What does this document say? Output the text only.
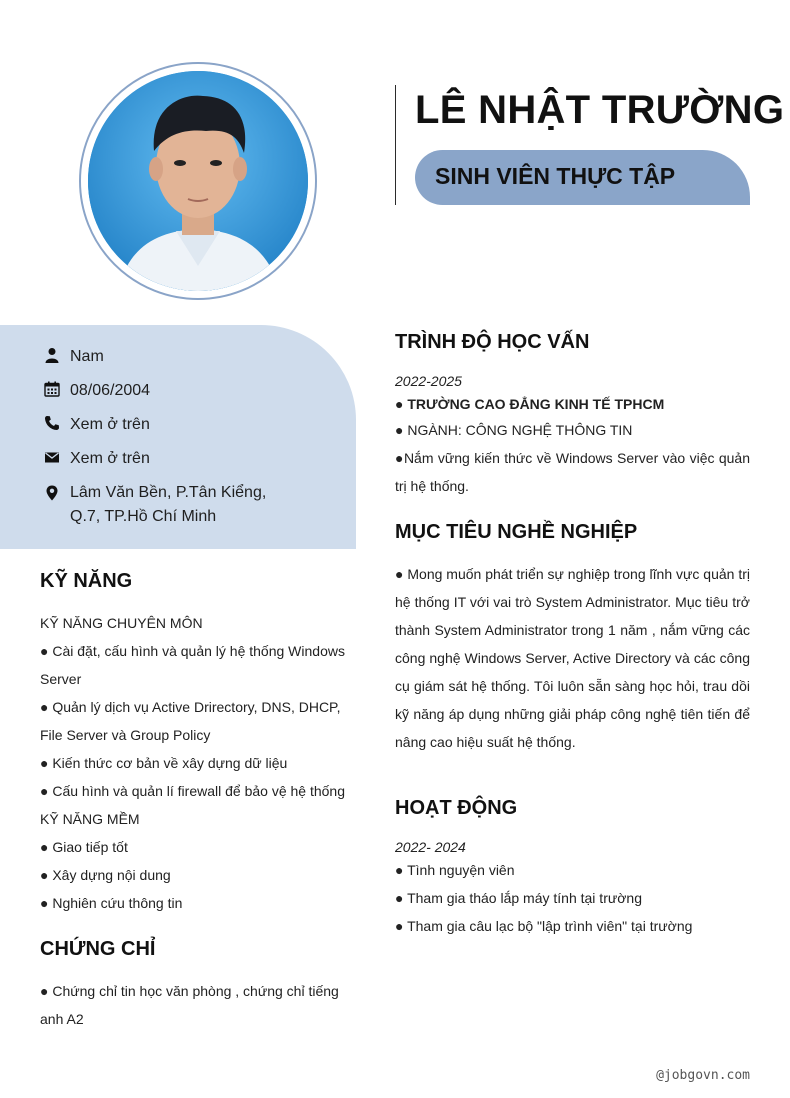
LÊ NHẬT TRƯỜNG
SINH VIÊN THỰC TẬP
Nam
08/06/2004
Xem ở trên
Xem ở trên
Lâm Văn Bền, P.Tân Kiểng, Q.7, TP.Hồ Chí Minh
KỸ NĂNG
KỸ NĂNG CHUYÊN MÔN
● Cài đặt, cấu hình và quản lý hệ thống Windows Server
● Quản lý dịch vụ Active Drirectory, DNS, DHCP, File Server và Group Policy
● Kiến thức cơ bản về xây dựng dữ liệu
● Cấu hình và quản lí firewall để bảo vệ hệ thống
KỸ NĂNG MỀM
● Giao tiếp tốt
● Xây dựng nội dung
● Nghiên cứu thông tin
CHỨNG CHỈ
● Chứng chỉ tin học văn phòng , chứng chỉ tiếng anh A2
TRÌNH ĐỘ HỌC VẤN
2022-2025
● TRƯỜNG CAO ĐẲNG KINH TẾ TPHCM
● NGÀNH: CÔNG NGHỆ THÔNG TIN
●Nắm vững kiến thức về Windows Server vào việc quản trị hệ thống.
MỤC TIÊU NGHỀ NGHIỆP
● Mong muốn phát triển sự nghiệp trong lĩnh vực quản trị hệ thống IT với vai trò System Administrator. Mục tiêu trở thành System Administrator trong 1 năm , nắm vững các công nghệ Windows Server, Active Directory và các công cụ giám sát hệ thống. Tôi luôn sẵn sàng học hỏi, trau dồi kỹ năng áp dụng những giải pháp công nghệ tiên tiến để nâng cao hiệu suất hệ thống.
HOẠT ĐỘNG
2022- 2024
● Tình nguyện viên
● Tham gia tháo lắp máy tính tại trường
● Tham gia câu lạc bộ "lập trình viên" tại trường
@jobgovn.com
